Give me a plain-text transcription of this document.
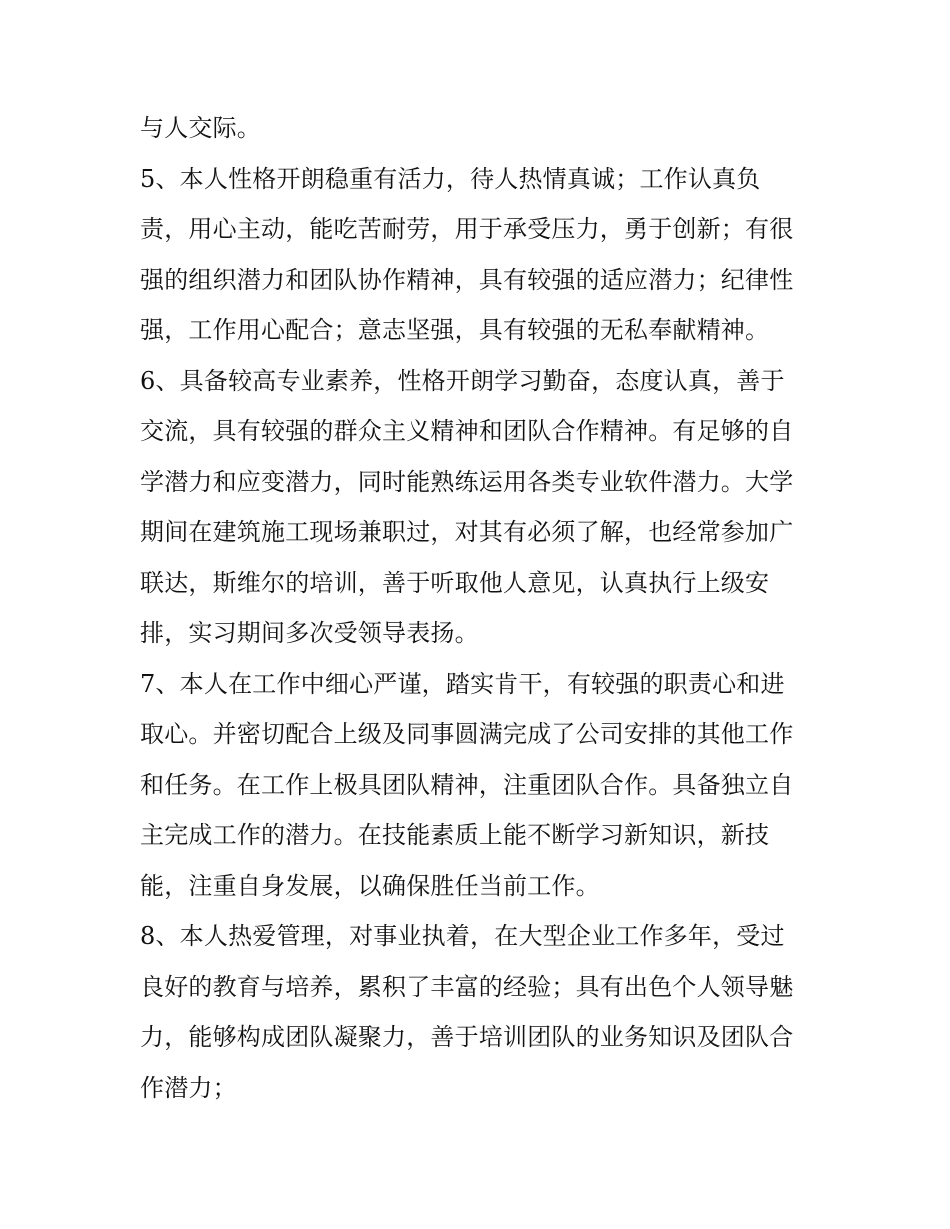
与人交际。
5、本人性格开朗稳重有活力，待人热情真诚；工作认真负
责，用心主动，能吃苦耐劳，用于承受压力，勇于创新；有很
强的组织潜力和团队协作精神，具有较强的适应潜力；纪律性
强，工作用心配合；意志坚强，具有较强的无私奉献精神。
6、具备较高专业素养，性格开朗学习勤奋，态度认真，善于
交流，具有较强的群众主义精神和团队合作精神。有足够的自
学潜力和应变潜力，同时能熟练运用各类专业软件潜力。大学
期间在建筑施工现场兼职过，对其有必须了解，也经常参加广
联达，斯维尔的培训，善于听取他人意见，认真执行上级安
排，实习期间多次受领导表扬。
7、本人在工作中细心严谨，踏实肯干，有较强的职责心和进
取心。并密切配合上级及同事圆满完成了公司安排的其他工作
和任务。在工作上极具团队精神，注重团队合作。具备独立自
主完成工作的潜力。在技能素质上能不断学习新知识，新技
能，注重自身发展，以确保胜任当前工作。
8、本人热爱管理，对事业执着，在大型企业工作多年，受过
良好的教育与培养，累积了丰富的经验；具有出色个人领导魅
力，能够构成团队凝聚力，善于培训团队的业务知识及团队合
作潜力；
